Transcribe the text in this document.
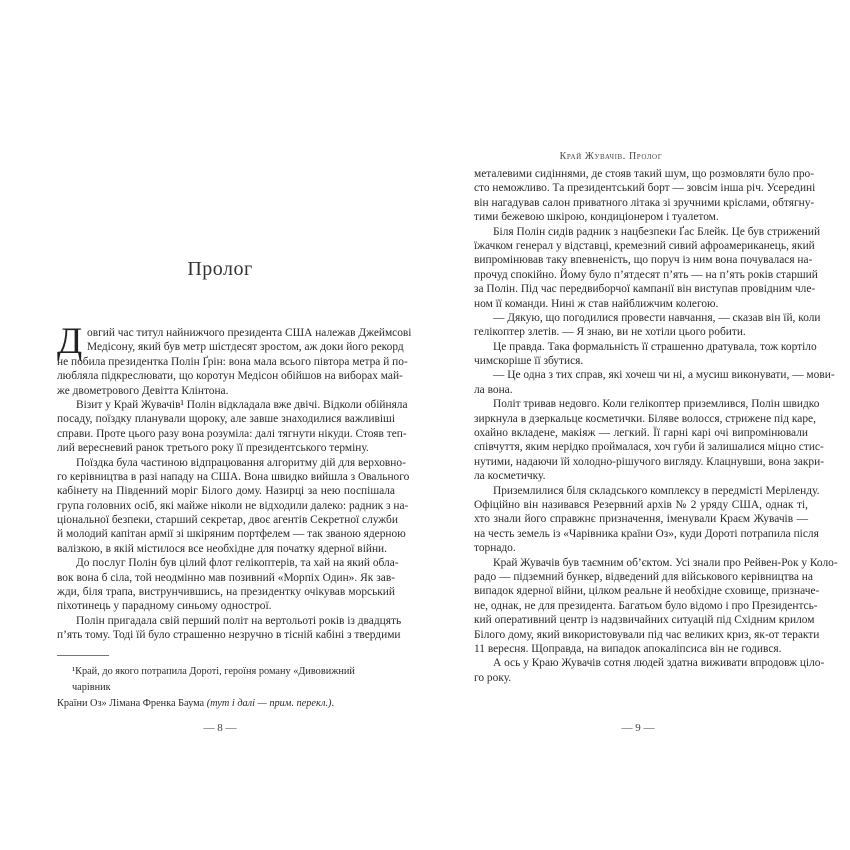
Пролог
Д овгий час титул найнижчого президента США належав Джеймсові
Медісону, який був метр шістдесят зростом, аж доки його рекорд
не побила президентка Полін Ґрін: вона мала всього півтора метра й по-
любляла підкреслювати, що коротун Медісон обійшов на виборах май-
же двометрового Девітта Клінтона.
Візит у Край Жувачів¹ Полін відкладала вже двічі. Відколи обійняла
посаду, поїздку планували щороку, але завше знаходилися важливіші
справи. Проте цього разу вона розуміла: далі тягнути нікуди. Стояв теп-
лий вересневий ранок третього року її президентського терміну.
Поїздка була частиною відпрацювання алгоритму дій для верховно-
го керівництва в разі нападу на США. Вона швидко вийшла з Овального
кабінету на Південний моріг Білого дому. Назирці за нею поспішала
група головних осіб, які майже ніколи не відходили далеко: радник з на-
ціональної безпеки, старший секретар, двоє агентів Секретної служби
й молодий капітан армії зі шкіряним портфелем — так званою ядерною
валізкою, в якій містилося все необхідне для початку ядерної війни.
До послуг Полін був цілий флот гелікоптерів, та хай на який обла-
вок вона б сіла, той неодмінно мав позивний «Морпіх Один». Як зав-
жди, біля трапа, виструнчившись, на президентку очікував морський
піхотинець у парадному синьому однострої.
Полін пригадала свій перший політ на вертольоті років із двадцять
п’ять тому. Тоді їй було страшенно незручно в тісній кабіні з твердими
¹Край, до якого потрапила Дороті, героїня роману «Дивовижний чарівник
Країни Оз» Лімана Френка Баума (тут і далі — прим. перекл.).
— 8 —
Край Жувачів. Пролог
металевими сидіннями, де стояв такий шум, що розмовляти було про-
сто неможливо. Та президентський борт — зовсім інша річ. Усередині
він нагадував салон приватного літака зі зручними кріслами, обтягну-
тими бежевою шкірою, кондиціонером і туалетом.
Біля Полін сидів радник з нацбезпеки Ґас Блейк. Це був стрижений
їжачком генерал у відставці, кремезний сивий афроамериканець, який
випромінював таку впевненість, що поруч із ним вона почувалася на-
прочуд спокійно. Йому було п’ятдесят п’ять — на п’ять років старший
за Полін. Під час передвиборчої кампанії він виступав провідним чле-
ном її команди. Нині ж став найближчим колегою.
— Дякую, що погодилися провести навчання, — сказав він їй, коли
гелікоптер злетів. — Я знаю, ви не хотіли цього робити.
Це правда. Така формальність її страшенно дратувала, тож кортіло
чимскоріше її збутися.
— Це одна з тих справ, які хочеш чи ні, а мусиш виконувати, — мови-
ла вона.
Політ тривав недовго. Коли гелікоптер приземлився, Полін швидко
зиркнула в дзеркальце косметички. Біляве волосся, стрижене під каре,
охайно вкладене, макіяж — легкий. Її гарні карі очі випромінювали
співчуття, яким нерідко проймалася, хоч губи й залишалися міцно стис-
нутими, надаючи їй холодно-рішучого вигляду. Клацнувши, вона закри-
ла косметичку.
Приземлилися біля складського комплексу в передмісті Меріленду.
Офіційно він називався Резервний архів № 2 уряду США, однак ті,
хто знали його справжнє призначення, іменували Краєм Жувачів —
на честь земель із «Чарівника країни Оз», куди Дороті потрапила після
торнадо.
Край Жувачів був таємним об’єктом. Усі знали про Рейвен-Рок у Коло-
радо — підземний бункер, відведений для військового керівництва на
випадок ядерної війни, цілком реальне й необхідне сховище, призначе-
не, однак, не для президента. Багатьом було відомо і про Президентсь-
кий оперативний центр із надзвичайних ситуацій під Східним крилом
Білого дому, який використовували під час великих криз, як-от теракти
11 вересня. Щоправда, на випадок апокаліпсиса він не годився.
А ось у Краю Жувачів сотня людей здатна виживати впродовж ціло-
го року.
— 9 —
